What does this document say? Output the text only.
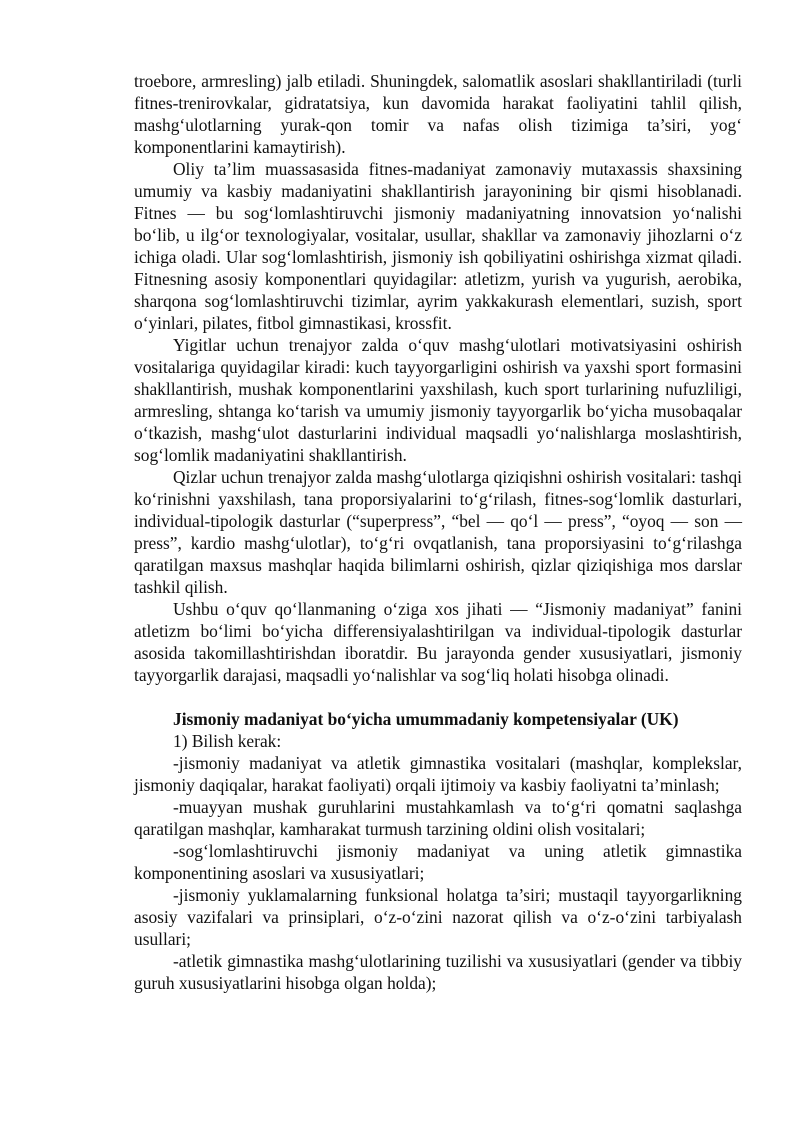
troebore, armresling) jalb etiladi. Shuningdek, salomatlik asoslari shakllantiriladi (turli fitnes-trenirovkalar, gidratatsiya, kun davomida harakat faoliyatini tahlil qilish, mashg‘ulotlarning yurak-qon tomir va nafas olish tizimiga ta’siri, yog‘ komponentlarini kamaytirish).

Oliy ta’lim muassasasida fitnes-madaniyat zamonaviy mutaxassis shaxsining umumiy va kasbiy madaniyatini shakllantirish jarayonining bir qismi hisoblanadi. Fitnes — bu sog‘lomlashtiruvchi jismoniy madaniyatning innovatsion yo‘nalishi bo‘lib, u ilg‘or texnologiyalar, vositalar, usullar, shakllar va zamonaviy jihozlarni o‘z ichiga oladi. Ular sog‘lomlashtirish, jismoniy ish qobiliyatini oshirishga xizmat qiladi. Fitnesning asosiy komponentlari quyidagilar: atletizm, yurish va yugurish, aerobika, sharqona sog‘lomlashtiruvchi tizimlar, ayrim yakkakurash elementlari, suzish, sport o‘yinlari, pilates, fitbol gimnastikasi, krossfit.

Yigitlar uchun trenajyor zalda o‘quv mashg‘ulotlari motivatsiyasini oshirish vositalariga quyidagilar kiradi: kuch tayyorgarligini oshirish va yaxshi sport formasini shakllantirish, mushak komponentlarini yaxshilash, kuch sport turlarining nufuzliligi, armresling, shtanga ko‘tarish va umumiy jismoniy tayyorgarlik bo‘yicha musobaqalar o‘tkazish, mashg‘ulot dasturlarini individual maqsadli yo‘nalishlarga moslashtirish, sog‘lomlik madaniyatini shakllantirish.

Qizlar uchun trenajyor zalda mashg‘ulotlarga qiziqishni oshirish vositalari: tashqi ko‘rinishni yaxshilash, tana proporsiyalarini to‘g‘rilash, fitnes-sog‘lomlik dasturlari, individual-tipologik dasturlar (“superpress”, “bel — qo‘l — press”, “oyoq — son — press”, kardio mashg‘ulotlar), to‘g‘ri ovqatlanish, tana proporsiyasini to‘g‘rilashga qaratilgan maxsus mashqlar haqida bilimlarni oshirish, qizlar qiziqishiga mos darslar tashkil qilish.

Ushbu o‘quv qo‘llanmaning o‘ziga xos jihati — “Jismoniy madaniyat” fanini atletizm bo‘limi bo‘yicha differensiyalashtirilgan va individual-tipologik dasturlar asosida takomillashtirishdan iboratdir. Bu jarayonda gender xususiyatlari, jismoniy tayyorgarlik darajasi, maqsadli yo‘nalishlar va sog‘liq holati hisobga olinadi.

Jismoniy madaniyat bo‘yicha umummadaniy kompetensiyalar (UK)

1) Bilish kerak:

-jismoniy madaniyat va atletik gimnastika vositalari (mashqlar, komplekslar, jismoniy daqiqalar, harakat faoliyati) orqali ijtimoiy va kasbiy faoliyatni ta’minlash;

-muayyan mushak guruhlarini mustahkamlash va to‘g‘ri qomatni saqlashga qaratilgan mashqlar, kamharakat turmush tarzining oldini olish vositalari;

-sog‘lomlashtiruvchi jismoniy madaniyat va uning atletik gimnastika komponentining asoslari va xususiyatlari;

-jismoniy yuklamalarning funksional holatga ta’siri; mustaqil tayyorgarlikning asosiy vazifalari va prinsiplari, o‘z-o‘zini nazorat qilish va o‘z-o‘zini tarbiyalash usullari;

-atletik gimnastika mashg‘ulotlarining tuzilishi va xususiyatlari (gender va tibbiy guruh xususiyatlarini hisobga olgan holda);
